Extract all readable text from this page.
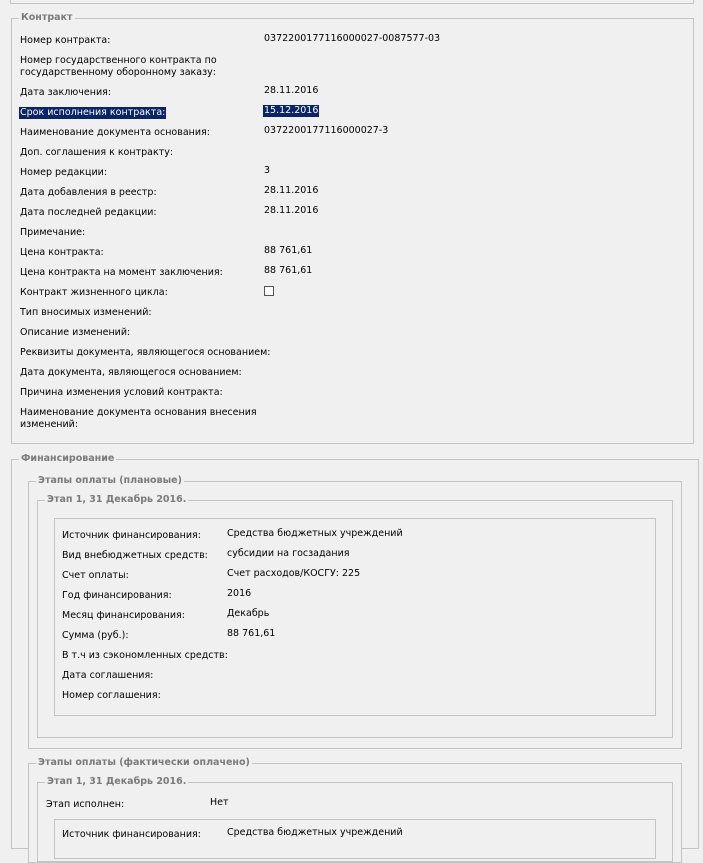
Контракт
Номер контракта:	0372200177116000027-0087577-03
Номер государственного контракта по
государственному оборонному заказу:
Дата заключения:	28.11.2016
Срок исполнения контракта:	15.12.2016
Наименование документа основания:	0372200177116000027-3
Доп. соглашения к контракту:
Номер редакции:	3
Дата добавления в реестр:	28.11.2016
Дата последней редакции:	28.11.2016
Примечание:
Цена контракта:	88 761,61
Цена контракта на момент заключения:	88 761,61
Контракт жизненного цикла:
Тип вносимых изменений:
Описание изменений:
Реквизиты документа, являющегося основанием:
Дата документа, являющегося основанием:
Причина изменения условий контракта:
Наименование документа основания внесения
изменений:
Финансирование
Этапы оплаты (плановые)
Этап 1, 31 Декабрь 2016.
Источник финансирования:	Средства бюджетных учреждений
Вид внебюджетных средств: субсидии на госзадания
Счет оплаты:	Счет расходов/КОСГУ: 225
Год финансирования:	2016
Месяц финансирования:	Декабрь
Сумма (руб.):	88 761,61
В т.ч из сэкономленных средств:
Дата соглашения:
Номер соглашения:
Этапы оплаты (фактически оплачено)
Этап 1, 31 Декабрь 2016.
Этап исполнен:	Нет
Источник финансирования:	Средства бюджетных учреждений
